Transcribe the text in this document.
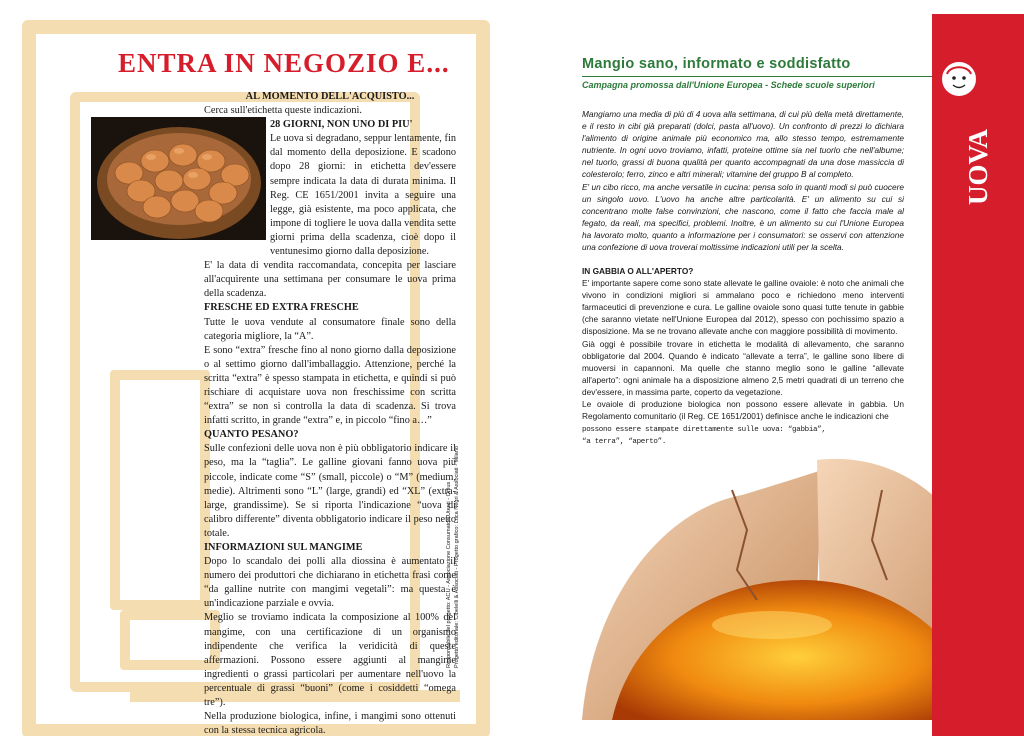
ENTRA IN NEGOZIO E...

AL MOMENTO DELL'ACQUISTO...

Cerca sull'etichetta queste indicazioni.

28 GIORNI, NON UNO DI PIU'

Le uova si degradano, seppur lentamente, fin dal momento della deposizione. E scadono dopo 28 giorni: in etichetta dev'essere sempre indicata la data di durata minima. Il Reg. CE 1651/2001 invita a seguire una legge, già esistente, ma poco applicata, che impone di togliere le uova dalla vendita sette giorni prima della scadenza, cioè dopo il ventunesimo giorno dalla deposizione.

E' la data di vendita raccomandata, concepita per lasciare all'acquirente una settimana per consumare le uova prima della scadenza.

FRESCHE ED EXTRA FRESCHE

Tutte le uova vendute al consumatore finale sono della categoria migliore, la “A”.

E sono “extra” fresche fino al nono giorno dalla deposizione o al settimo giorno dall'imballaggio. Attenzione, perché la scritta “extra” è spesso stampata in etichetta, e quindi si può rischiare di acquistare uova non freschissime con scritta “extra” se non si controlla la data di scadenza. Si trova infatti scritto, in grande “extra” e, in piccolo “fino a…”

QUANTO PESANO?

Sulle confezioni delle uova non è più obbligatorio indicare il peso, ma la “taglia”. Le galline giovani fanno uova più piccole, indicate come “S” (small, piccole) o “M” (medium, medie). Altrimenti sono “L” (large, grandi) ed “XL” (extra-large, grandissime). Se si riporta l'indicazione “uova di calibro differente” diventa obbligatorio indicare il peso netto totale.

INFORMAZIONI SUL MANGIME

Dopo lo scandalo dei polli alla diossina è aumentato il numero dei produttori che dichiarano in etichetta frasi come “da galline nutrite con mangimi vegetali”: ma questa è un'indicazione parziale e ovvia.

Meglio se troviamo indicata la composizione al 100% del mangime, con una certificazione di un organismo indipendente che verifica la veridicità di queste affermazioni. Possono essere aggiunti al mangime ingredienti o grassi particolari per aumentare nell'uovo la percentuale di grassi “buoni” (come i cosiddetti “omega tre”).

Nella produzione biologica, infine, i mangimi sono ottenuti con la stessa tecnica agricola.

Responsabile del progetto: ACU - Associazione Consumatori Utenti - Onlus Progetto editoriale: Cibelelli & Associati - Progetto grafico: Luca Negri & Associati - Milano
Mangio sano, informato e soddisfatto
Campagna promossa dall'Unione Europea - Schede scuole superiori

Mangiamo una media di più di 4 uova alla settimana, di cui più della metà direttamente, e il resto in cibi già preparati (dolci, pasta all'uovo). Un confronto di prezzi lo dichiara l'alimento di origine animale più economico ma, allo stesso tempo, estremamente nutriente. In ogni uovo troviamo, infatti, proteine ottime sia nel tuorlo che nell'albume; nel tuorlo, grassi di buona qualità per quanto accompagnati da una dose massiccia di colesterolo; ferro, zinco e altri minerali; vitamine del gruppo B al completo.

E' un cibo ricco, ma anche versatile in cucina: pensa solo in quanti modi si può cuocere un singolo uovo. L'uovo ha anche altre particolarità. E' un alimento su cui si concentrano molte false convinzioni, che nascono, come il fatto che faccia male al fegato, da reali, ma specifici, problemi. Inoltre, è un alimento su cui l'Unione Europea ha lavorato molto, quanto a informazione per i consumatori: se osservi con attenzione una confezione di uova troverai moltissime indicazioni utili per la scelta.

IN GABBIA O ALL'APERTO?

E' importante sapere come sono state allevate le galline ovaiole: è noto che animali che vivono in condizioni migliori si ammalano poco e richiedono meno interventi farmaceutici di prevenzione e cura. Le galline ovaiole sono quasi tutte tenute in gabbie (che saranno vietate nell'Unione Europea dal 2012), spesso con pochissimo spazio a disposizione. Ma se ne trovano allevate anche con maggiore possibilità di movimento.

Già oggi è possibile trovare in etichetta le modalità di allevamento, che saranno obbligatorie dal 2004. Quando è indicato “allevate a terra”, le galline sono libere di muoversi in capannoni. Ma quelle che stanno meglio sono le galline “allevate all'aperto”: ogni animale ha a disposizione almeno 2,5 metri quadrati di un terreno che dev'essere, in massima parte, coperto da vegetazione.

Le ovaiole di produzione biologica non possono essere allevate in gabbia. Un Regolamento comunitario (il Reg. CE 1651/2001) definisce anche le indicazioni che

possono essere stampate direttamente sulle uova: “gabbia”,
“a terra”, “aperto”.
UOVA
